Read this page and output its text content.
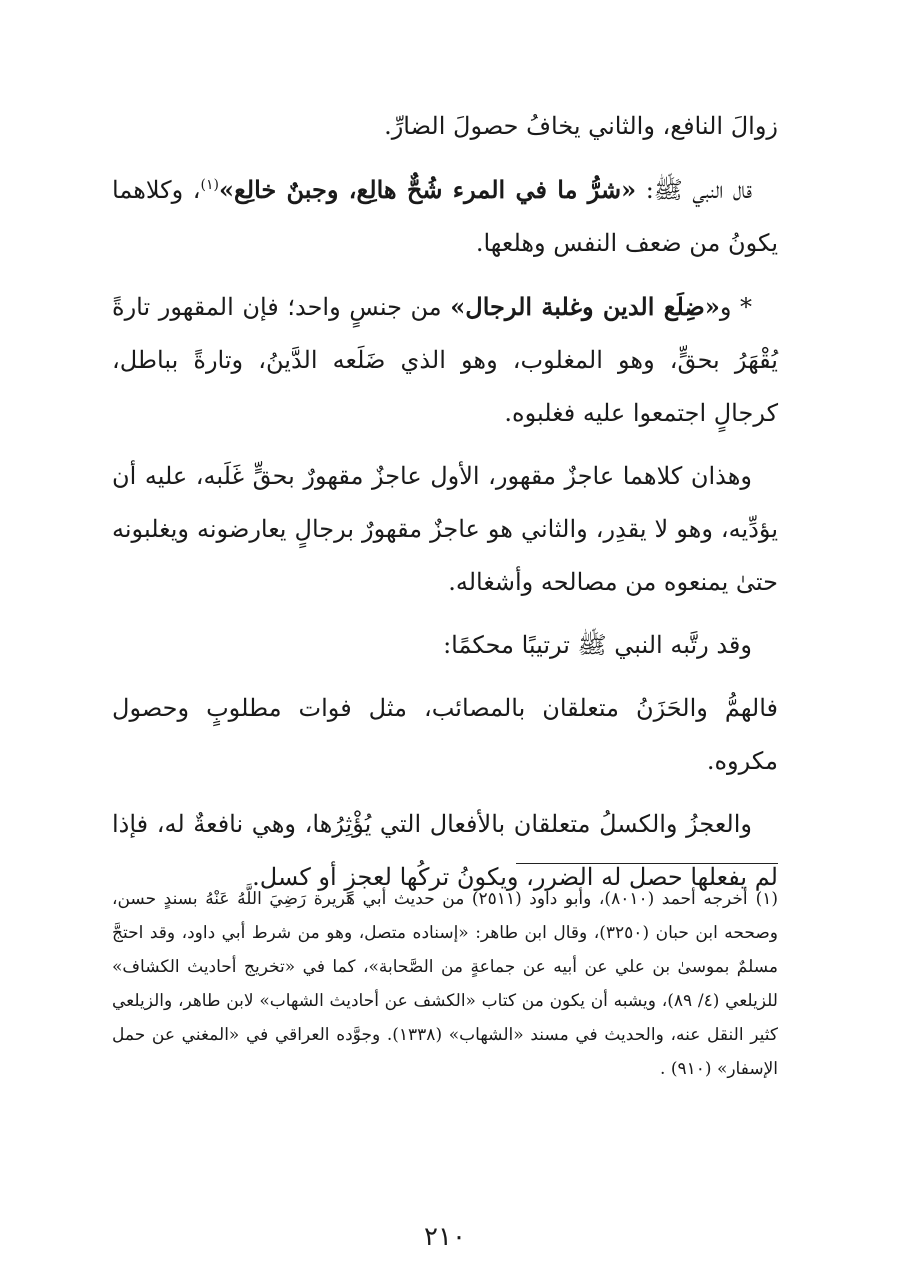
زوالَ النافع، والثاني يخافُ حصولَ الضارِّ.

قال النبي ﷺ: «شرُّ ما في المرء شُحٌّ هالِع، وجبنٌ خالِع»$^{(١)}$، وكلاهما يكونُ من ضعف النفس وهلعها.

* و«ضِلَع الدين وغلبة الرجال» من جنسٍ واحد؛ فإن المقهور تارةً يُقْهَرُ بحقٍّ، وهو المغلوب، وهو الذي ضَلَعه الدَّينُ، وتارةً بباطل، كرجالٍ اجتمعوا عليه فغلبوه.

وهذان كلاهما عاجزٌ مقهور، الأول عاجزٌ مقهورٌ بحقٍّ غَلَبه، عليه أن يؤدِّيه، وهو لا يقدِر، والثاني هو عاجزٌ مقهورٌ برجالٍ يعارضونه ويغلبونه حتىٰ يمنعوه من مصالحه وأشغاله.

وقد رتَّبه النبي ﷺ ترتيبًا محكمًا:

فالهمُّ والحَزَنُ متعلقان بالمصائب، مثل فوات مطلوبٍ وحصول مكروه.

والعجزُ والكسلُ متعلقان بالأفعال التي يُؤْثِرُها، وهي نافعةٌ له، فإذا لم يفعلها حصل له الضرر، ويكونُ تركُها لعجزٍ أو كسل.

(١)أخرجه أحمد (٨٠١٠)، وأبو داود (٢٥١١) من حديث أبي هريرة رَضِيَ اللَّهُ عَنْهُ بسندٍ حسن، وصححه ابن حبان (٣٢٥٠)، وقال ابن طاهر: «إسناده متصل، وهو من شرط أبي داود، وقد احتجَّ مسلمٌ بموسىٰ بن علي عن أبيه عن جماعةٍ من الصَّحابة»، كما في «تخريج أحاديث الكشاف» للزيلعي (٤/ ٨٩)، ويشبه أن يكون من كتاب «الكشف عن أحاديث الشهاب» لابن طاهر، والزيلعي كثير النقل عنه، والحديث في مسند «الشهاب» (١٣٣٨). وجوَّده العراقي في «المغني عن حمل الإسفار» (٩١٠) .

٢١٠
